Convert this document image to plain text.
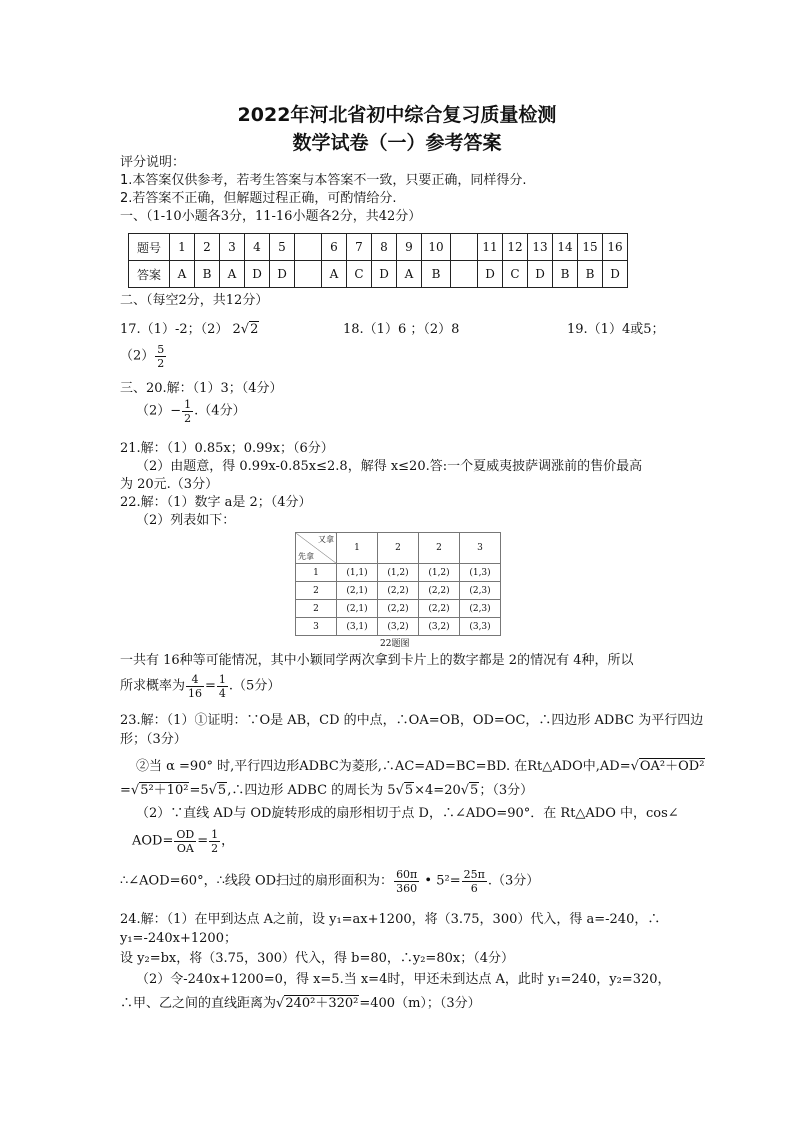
2022年河北省初中综合复习质量检测
数学试卷（一）参考答案
评分说明：
1.本答案仅供参考，若考生答案与本答案不一致，只要正确，同样得分.
2.若答案不正确，但解题过程正确，可酌情给分.
一、（1-10小题各3分，11-16小题各2分，共42分）
题号	1	2	3	4	5		6	7	8	9	10		11	12	13	14	15	16
答案	A	B	A	D	D		A	C	D	A	B		D	C	D	B	B	D
二、（每空2分，共12分）
17.（1）-2；（2） 2√2	18.（1）6 ；（2）8	19.（1）4或5；
$(2) \frac{5}{2}$
三、20.解：（1）3；（4分）
$(2)- \frac{1}{2} .(4$分）
21.解：（1）0.85x；0.99x；（6分）
（2）由题意，得 0.99x-0.85x≤2.8，解得 x≤20.答:一个夏威夷披萨调涨前的售价最高
为 20元.（3分）
22.解：（1）数字 a是 2；（4分）
（2）列表如下：
又拿
先拿	1	2	2	3
1	(1,1)	(1,2)	(1,2)	(1,3)
2	(2,1)	(2,2)	(2,2)	(2,3)
2	(2,1)	(2,2)	(2,2)	(2,3)
3	(3,1)	(3,2)	(3,2)	(3,3)
22题图
一共有 16种等可能情况，其中小颖同学两次拿到卡片上的数字都是 2的情况有 4种，所以
所求概率为 $\frac{4}{16} = \frac{1}{4} .(5$分）
23.解：（1）①证明：∵O是 AB，CD 的中点，∴OA=OB，OD=OC，∴四边形 ADBC 为平行四边
形；（3分）
②当 α =90° 时,平行四边形ADBC为菱形,∴AC=AD=BC=BD. 在Rt△ADO中,AD=√OA²＋OD²
=√5²＋10²=5√5,∴四边形 ADBC 的周长为 5√5×4=20√5；（3分）
（2）∵直线 AD与 OD旋转形成的扇形相切于点 D，∴∠ADO=90°．在 Rt△ADO 中，cos∠
$AOD= \frac{OD}{OA} = \frac{1}{2}$ ，
∴∠AOD=60°，∴线段 OD扫过的扇形面积为： $\frac{60\pi}{360}$ • $5^2= \frac{25\pi}{6} .(3$分）
24.解：（1）在甲到达点 A之前，设 y₁=ax+1200，将（3.75，300）代入，得 a=-240，∴
y₁=-240x+1200；
设 y₂=bx，将（3.75，300）代入，得 b=80，∴y₂=80x；（4分）
（2）令-240x+1200=0，得 x=5.当 x=4时，甲还未到达点 A，此时 y₁=240，y₂=320，
∴甲、乙之间的直线距离为√240²＋320²=400（m）；（3分）
